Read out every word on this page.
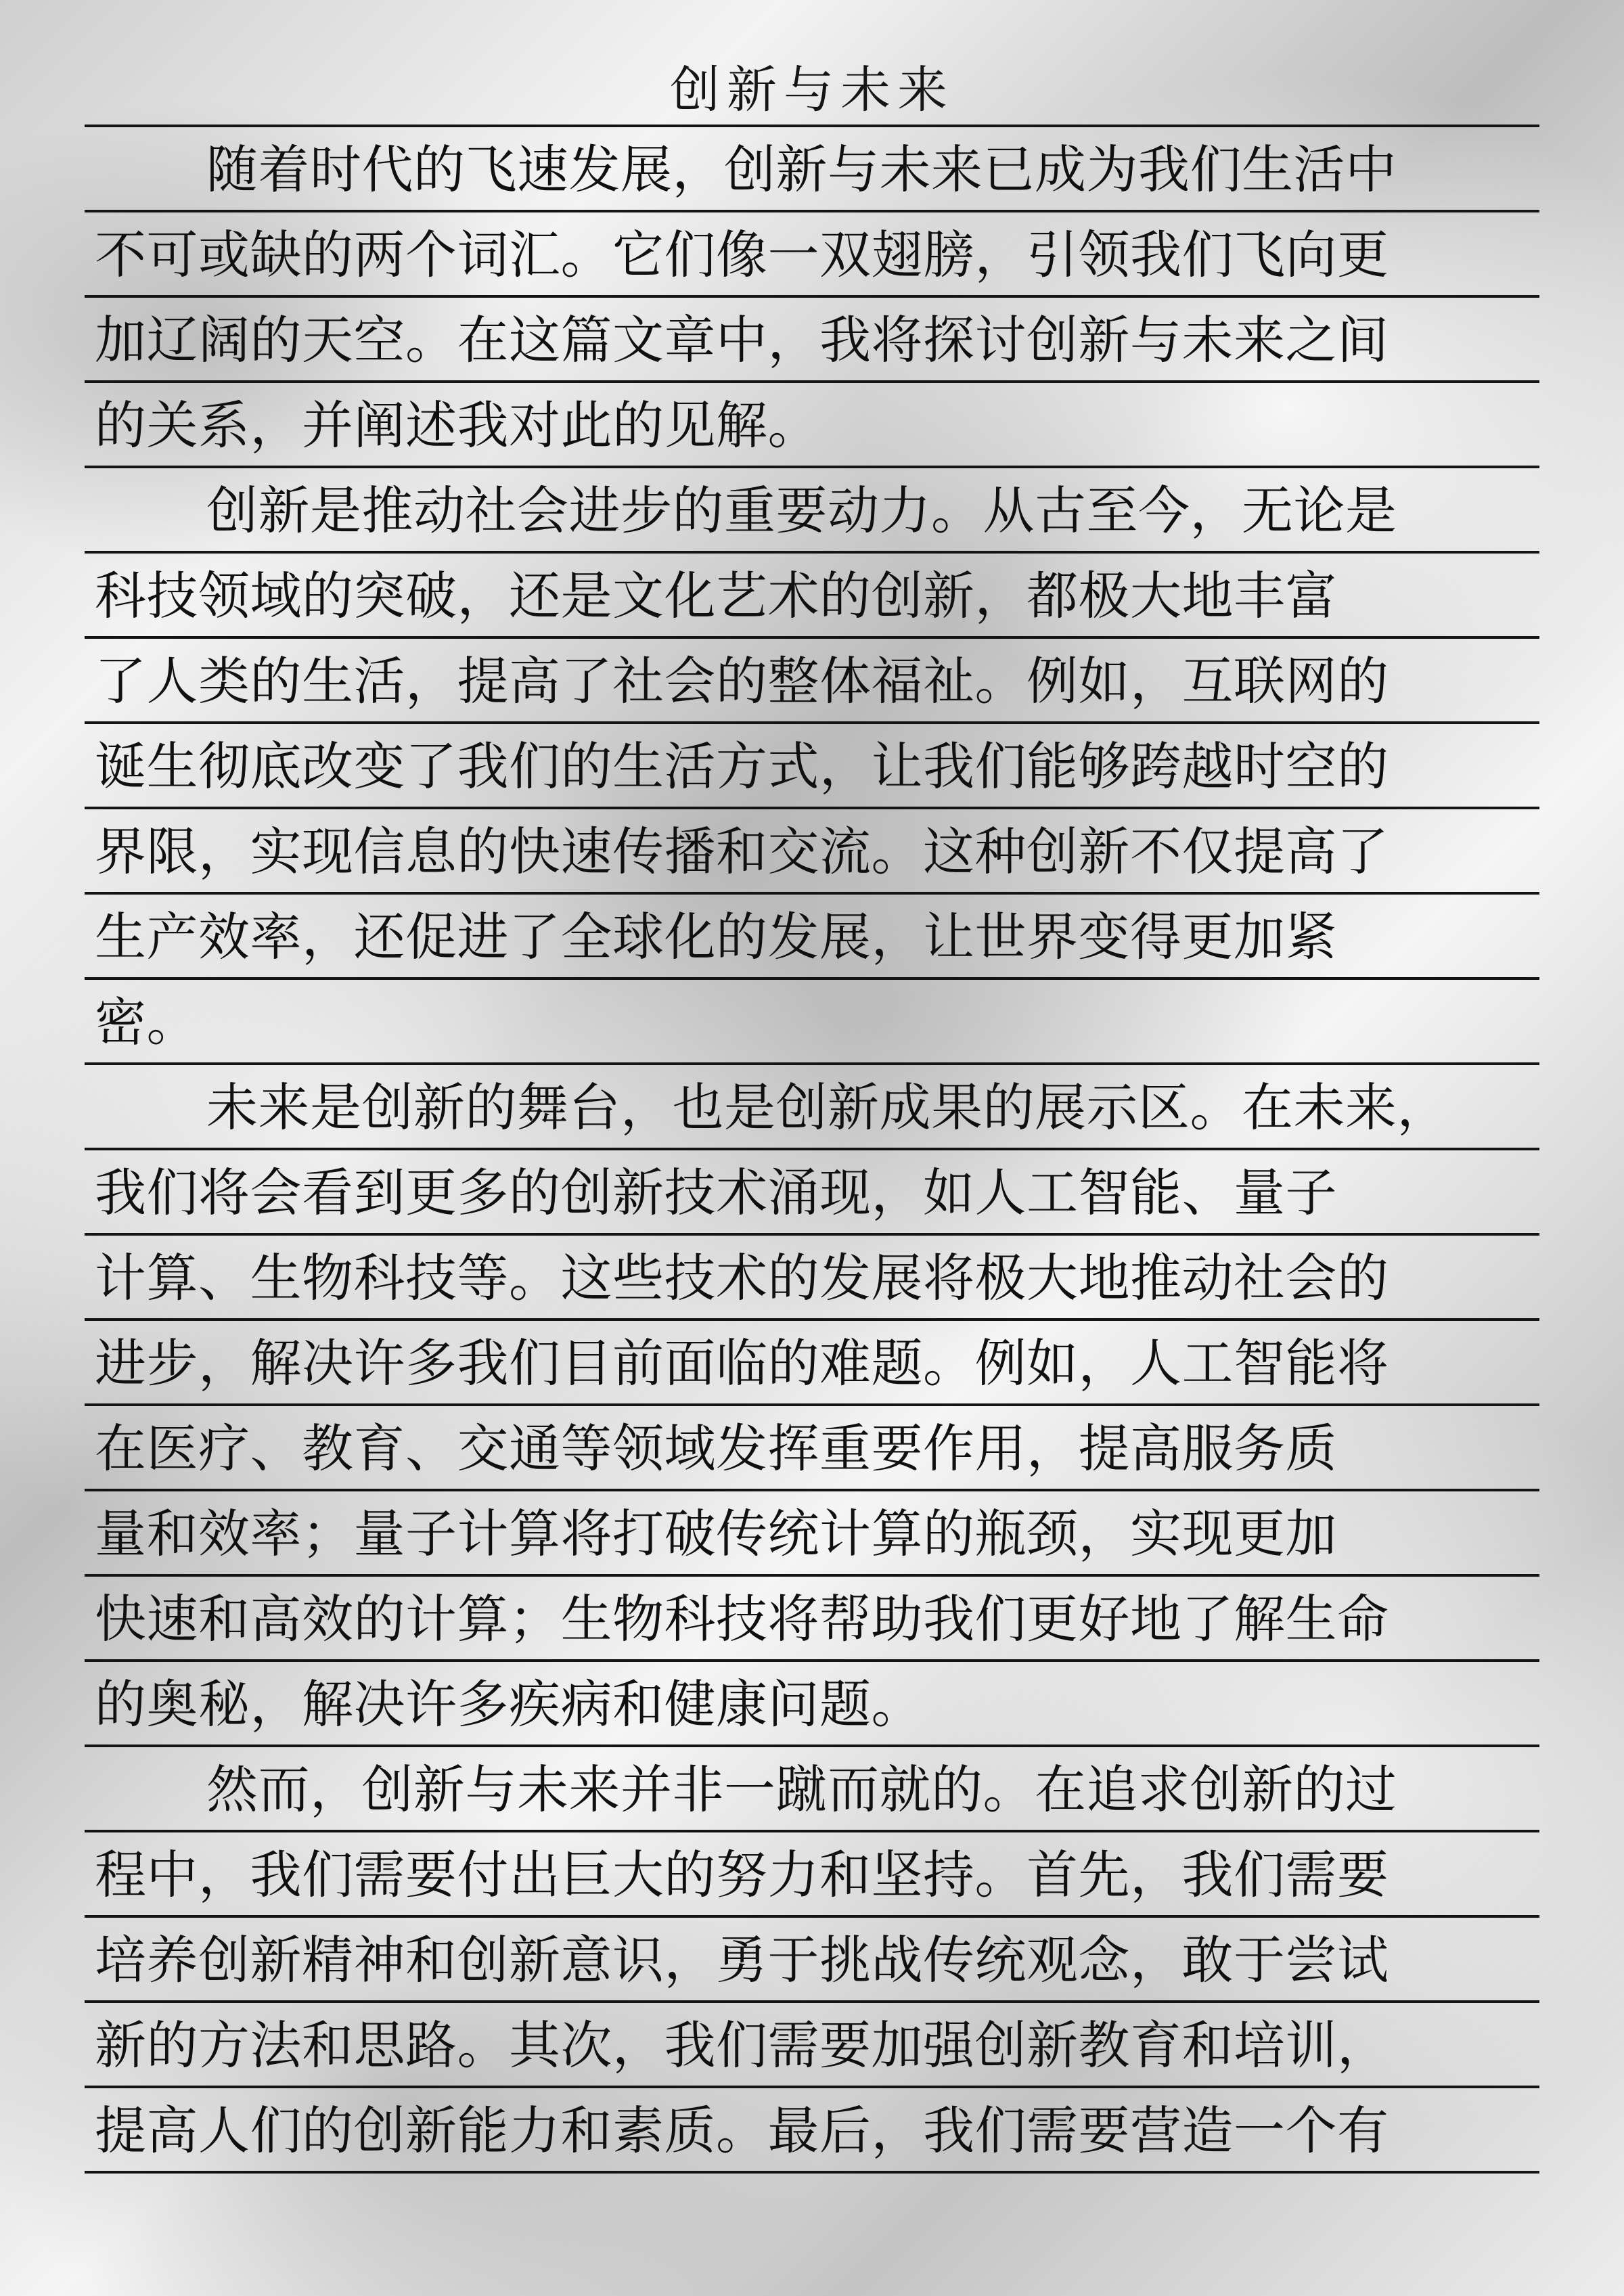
创新与未来
随着时代的飞速发展，创新与未来已成为我们生活中
不可或缺的两个词汇。它们像一双翅膀，引领我们飞向更
加辽阔的天空。在这篇文章中，我将探讨创新与未来之间
的关系，并阐述我对此的见解。
创新是推动社会进步的重要动力。从古至今，无论是
科技领域的突破，还是文化艺术的创新，都极大地丰富
了人类的生活，提高了社会的整体福祉。例如，互联网的
诞生彻底改变了我们的生活方式，让我们能够跨越时空的
界限，实现信息的快速传播和交流。这种创新不仅提高了
生产效率，还促进了全球化的发展，让世界变得更加紧
密。
未来是创新的舞台，也是创新成果的展示区。在未来，
我们将会看到更多的创新技术涌现，如人工智能、量子
计算、生物科技等。这些技术的发展将极大地推动社会的
进步，解决许多我们目前面临的难题。例如，人工智能将
在医疗、教育、交通等领域发挥重要作用，提高服务质
量和效率；量子计算将打破传统计算的瓶颈，实现更加
快速和高效的计算；生物科技将帮助我们更好地了解生命
的奥秘，解决许多疾病和健康问题。
然而，创新与未来并非一蹴而就的。在追求创新的过
程中，我们需要付出巨大的努力和坚持。首先，我们需要
培养创新精神和创新意识，勇于挑战传统观念，敢于尝试
新的方法和思路。其次，我们需要加强创新教育和培训，
提高人们的创新能力和素质。最后，我们需要营造一个有
